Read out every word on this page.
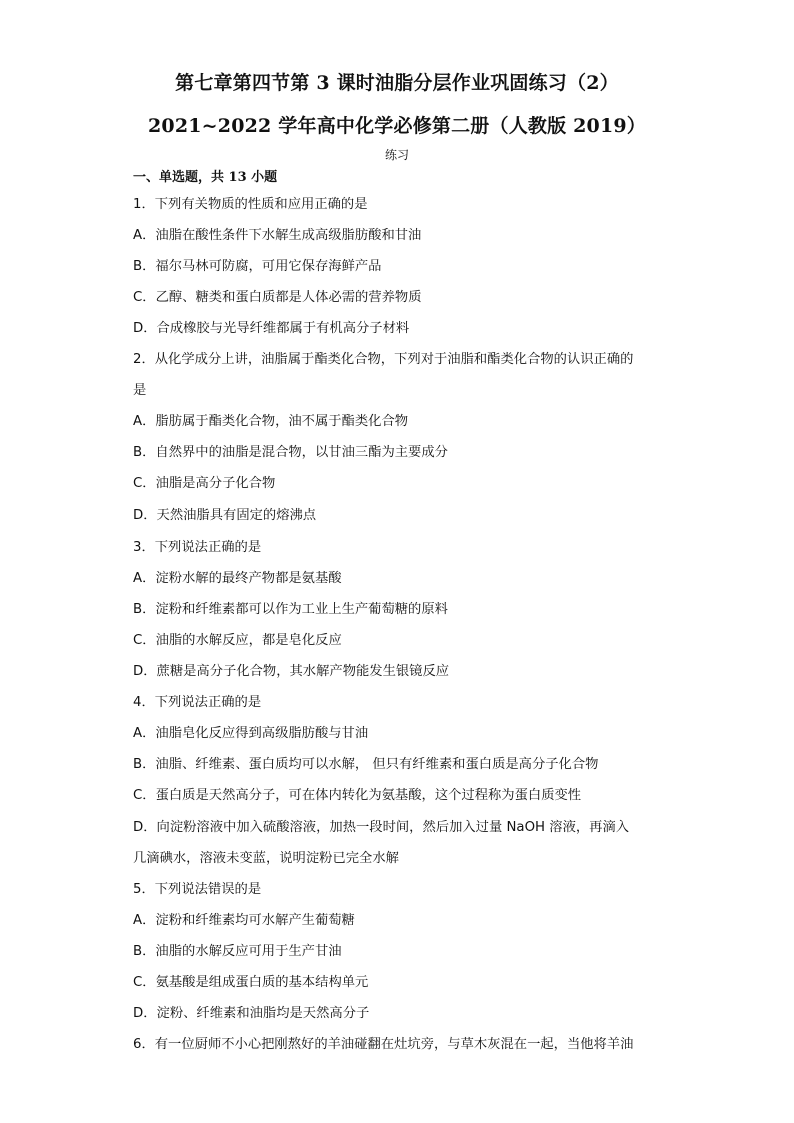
第七章第四节第 3 课时油脂分层作业巩固练习（2）
2021~2022 学年高中化学必修第二册（人教版 2019）
练习
一、单选题，共 13 小题
1．下列有关物质的性质和应用正确的是
A．油脂在酸性条件下水解生成高级脂肪酸和甘油
B．福尔马林可防腐，可用它保存海鲜产品
C．乙醇、糖类和蛋白质都是人体必需的营养物质
D．合成橡胶与光导纤维都属于有机高分子材料
2．从化学成分上讲，油脂属于酯类化合物，下列对于油脂和酯类化合物的认识正确的
是
A．脂肪属于酯类化合物，油不属于酯类化合物
B．自然界中的油脂是混合物，以甘油三酯为主要成分
C．油脂是高分子化合物
D．天然油脂具有固定的熔沸点
3．下列说法正确的是
A．淀粉水解的最终产物都是氨基酸
B．淀粉和纤维素都可以作为工业上生产葡萄糖的原料
C．油脂的水解反应，都是皂化反应
D．蔗糖是高分子化合物，其水解产物能发生银镜反应
4．下列说法正确的是
A．油脂皂化反应得到高级脂肪酸与甘油
B．油脂、纤维素、蛋白质均可以水解， 但只有纤维素和蛋白质是高分子化合物
C．蛋白质是天然高分子，可在体内转化为氨基酸，这个过程称为蛋白质变性
D．向淀粉溶液中加入硫酸溶液，加热一段时间，然后加入过量 NaOH 溶液，再滴入
几滴碘水，溶液未变蓝，说明淀粉已完全水解
5．下列说法错误的是
A．淀粉和纤维素均可水解产生葡萄糖
B．油脂的水解反应可用于生产甘油
C．氨基酸是组成蛋白质的基本结构单元
D．淀粉、纤维素和油脂均是天然高分子
6．有一位厨师不小心把刚熬好的羊油碰翻在灶坑旁，与草木灰混在一起，当他将羊油
